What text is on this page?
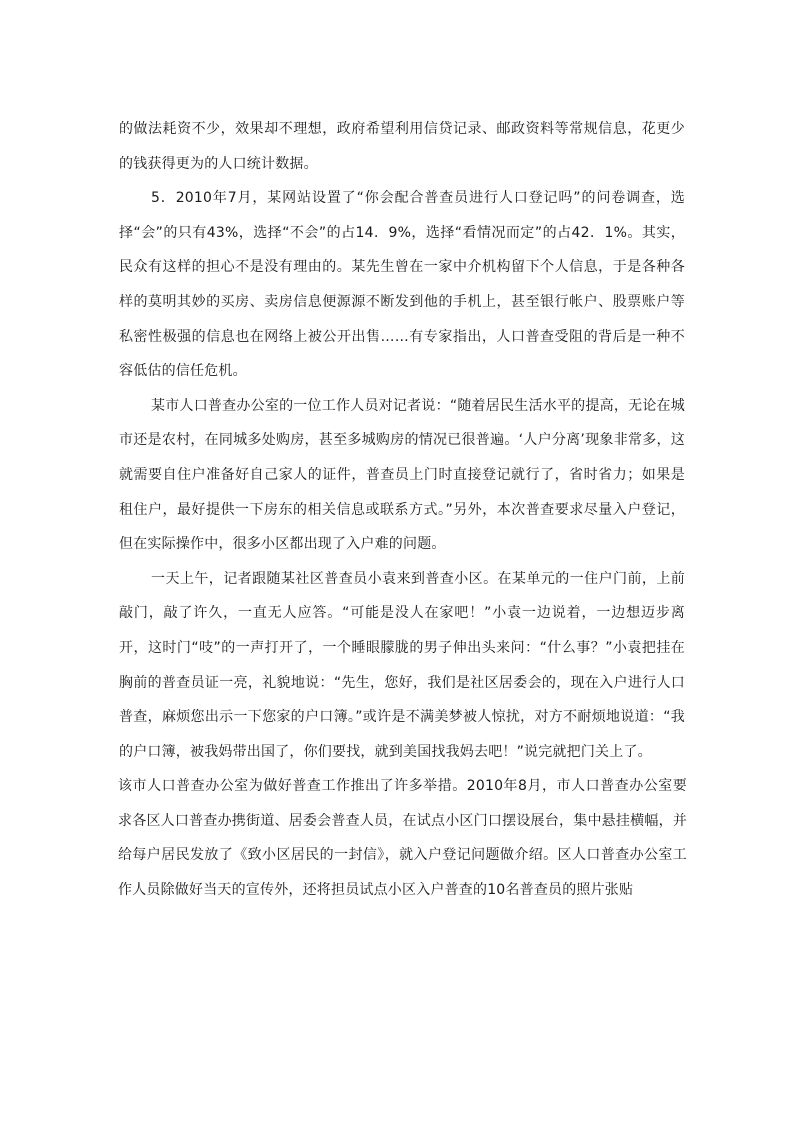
的做法耗资不少，效果却不理想，政府希望利用信贷记录、邮政资料等常规信息，花更少的钱获得更为的人口统计数据。

5．2010年7月，某网站设置了“你会配合普查员进行人口登记吗”的问卷调查，选择“会”的只有43%，选择“不会”的占14．9%，选择“看情况而定”的占42．1%。其实，民众有这样的担心不是没有理由的。某先生曾在一家中介机构留下个人信息，于是各种各样的莫明其妙的买房、卖房信息便源源不断发到他的手机上，甚至银行帐户、股票账户等私密性极强的信息也在网络上被公开出售……有专家指出，人口普查受阻的背后是一种不容低估的信任危机。

某市人口普查办公室的一位工作人员对记者说：“随着居民生活水平的提高，无论在城市还是农村，在同城多处购房，甚至多城购房的情况已很普遍。‘人户分离’现象非常多，这就需要自住户准备好自己家人的证件，普查员上门时直接登记就行了，省时省力；如果是租住户，最好提供一下房东的相关信息或联系方式。”另外，本次普查要求尽量入户登记，但在实际操作中，很多小区都出现了入户难的问题。

一天上午，记者跟随某社区普查员小袁来到普查小区。在某单元的一住户门前，上前敲门，敲了许久，一直无人应答。“可能是没人在家吧！”小袁一边说着，一边想迈步离开，这时门“吱”的一声打开了，一个睡眼朦胧的男子伸出头来问：“什么事？”小袁把挂在胸前的普查员证一亮，礼貌地说：“先生，您好，我们是社区居委会的，现在入户进行人口普查，麻烦您出示一下您家的户口簿。”或许是不满美梦被人惊扰，对方不耐烦地说道：“我的户口簿，被我妈带出国了，你们要找，就到美国找我妈去吧！”说完就把门关上了。

该市人口普查办公室为做好普查工作推出了许多举措。2010年8月，市人口普查办公室要求各区人口普查办携街道、居委会普查人员，在试点小区门口摆设展台，集中悬挂横幅，并给每户居民发放了《致小区居民的一封信》，就入户登记问题做介绍。区人口普查办公室工作人员除做好当天的宣传外，还将担员试点小区入户普查的10名普查员的照片张贴
